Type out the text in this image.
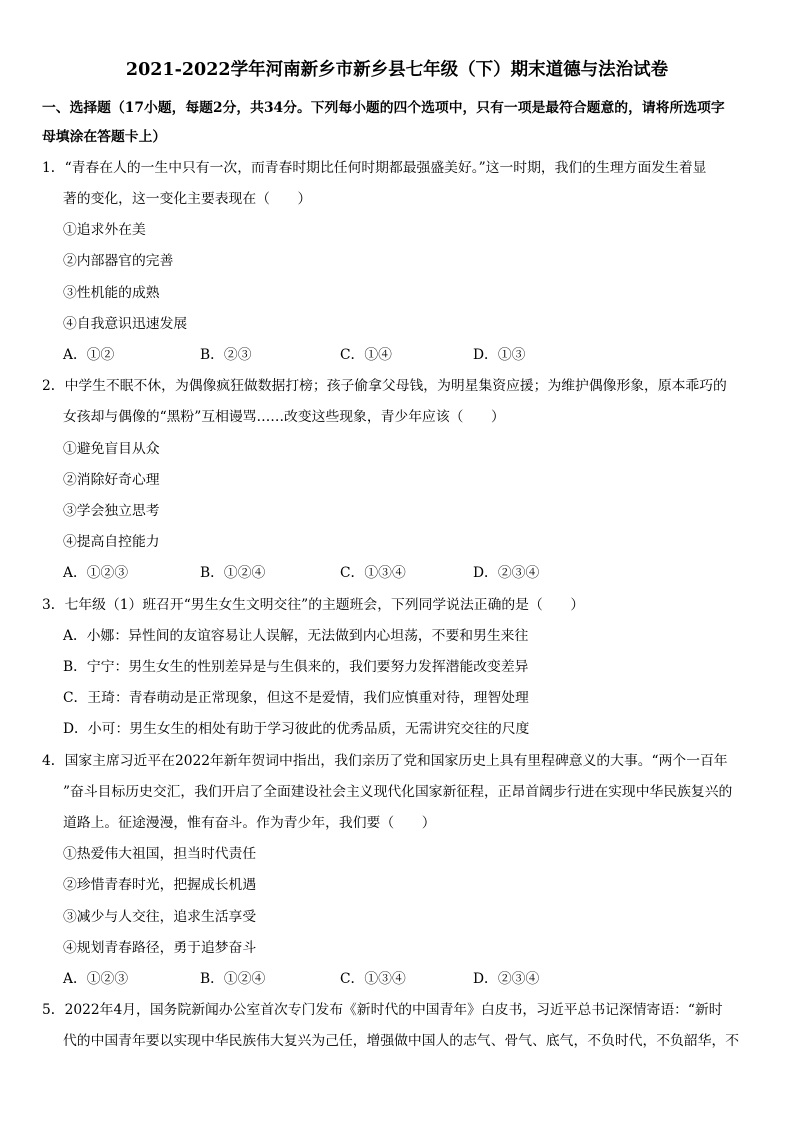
2021-2022学年河南新乡市新乡县七年级（下）期末道德与法治试卷
一、选择题（17小题，每题2分，共34分。下列每小题的四个选项中，只有一项是最符合题意的，请将所选项字
母填涂在答题卡上）
1．“青春在人的一生中只有一次，而青春时期比任何时期都最强盛美好。”这一时期，我们的生理方面发生着显
著的变化，这一变化主要表现在（　　）
①追求外在美
②内部器官的完善
③性机能的成熟
④自我意识迅速发展
A．①②	B．②③	C．①④	D．①③
2．中学生不眠不休，为偶像疯狂做数据打榜；孩子偷拿父母钱，为明星集资应援；为维护偶像形象，原本乖巧的
女孩却与偶像的“黑粉”互相谩骂……改变这些现象，青少年应该（　　）
①避免盲目从众
②消除好奇心理
③学会独立思考
④提高自控能力
A．①②③	B．①②④	C．①③④	D．②③④
3．七年级（1）班召开“男生女生文明交往”的主题班会，下列同学说法正确的是（　　）
A．小娜：异性间的友谊容易让人误解，无法做到内心坦荡，不要和男生来往
B．宁宁：男生女生的性别差异是与生俱来的，我们要努力发挥潜能改变差异
C．王琦：青春萌动是正常现象，但这不是爱情，我们应慎重对待，理智处理
D．小可：男生女生的相处有助于学习彼此的优秀品质，无需讲究交往的尺度
4．国家主席习近平在2022年新年贺词中指出，我们亲历了党和国家历史上具有里程碑意义的大事。“两个一百年
”奋斗目标历史交汇，我们开启了全面建设社会主义现代化国家新征程，正昂首阔步行进在实现中华民族复兴的
道路上。征途漫漫，惟有奋斗。作为青少年，我们要（　　）
①热爱伟大祖国，担当时代责任
②珍惜青春时光，把握成长机遇
③减少与人交往，追求生活享受
④规划青春路径，勇于追梦奋斗
A．①②③	B．①②④	C．①③④	D．②③④
5．2022年4月，国务院新闻办公室首次专门发布《新时代的中国青年》白皮书，习近平总书记深情寄语：“新时
代的中国青年要以实现中华民族伟大复兴为己任，增强做中国人的志气、骨气、底气，不负时代，不负韶华，不
